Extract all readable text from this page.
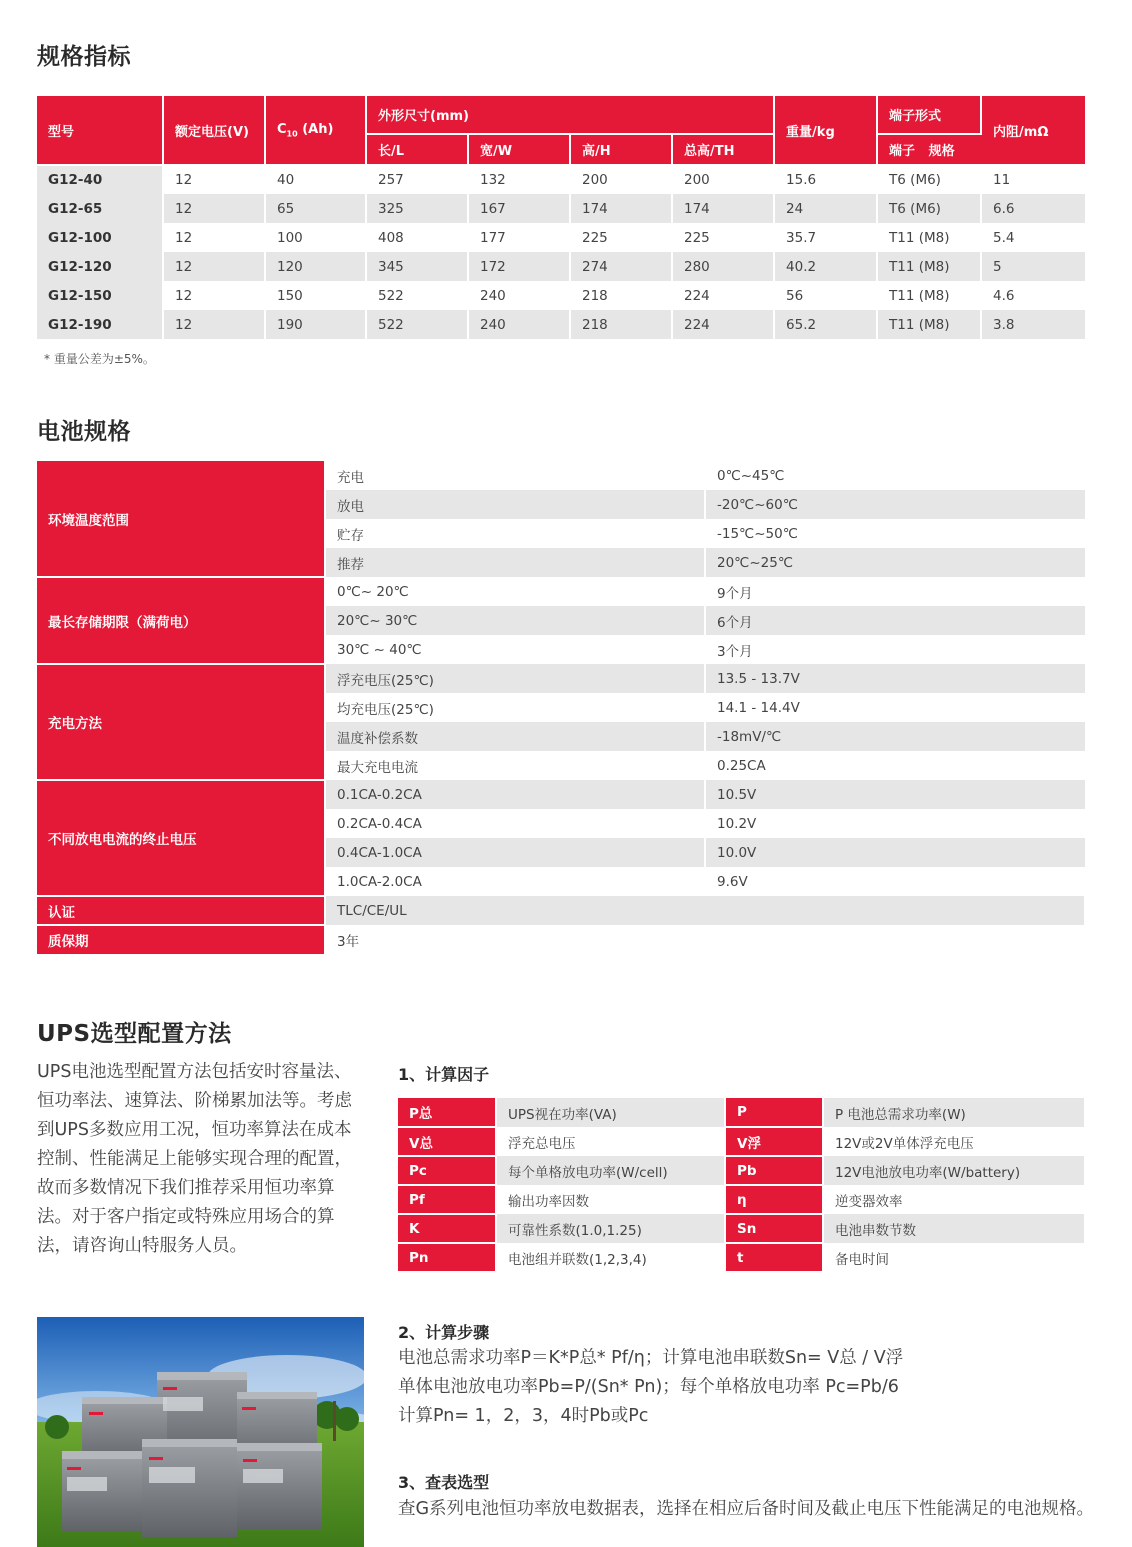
规格指标
型号	额定电压(V)	$C_{10}$ (Ah)	外形尺寸(mm)				重量/kg	端子形式	内阻/mΩ
			长/L	宽/W	高/H	总高/TH		端子   规格	
G12-40	12	40	257	132	200	200	15.6	T6 (M6)	11
G12-65	12	65	325	167	174	174	24	T6 (M6)	6.6
G12-100	12	100	408	177	225	225	35.7	T11 (M8)	5.4
G12-120	12	120	345	172	274	280	40.2	T11 (M8)	5
G12-150	12	150	522	240	218	224	56	T11 (M8)	4.6
G12-190	12	190	522	240	218	224	65.2	T11 (M8)	3.8
* 重量公差为±5%。
电池规格
环境温度范围	充电	0℃~45℃
	放电	-20℃~60℃
	贮存	-15℃~50℃
	推荐	20℃~25℃
最长存储期限（满荷电）	0℃~ 20℃	9个月
	20℃~ 30℃	6个月
	30℃ ~ 40℃	3个月
充电方法	浮充电压(25℃)	13.5 - 13.7V
	均充电压(25℃)	14.1 - 14.4V
	温度补偿系数	-18mV/℃
	最大充电电流	0.25CA
不同放电电流的终止电压	0.1CA-0.2CA	10.5V
	0.2CA-0.4CA	10.2V
	0.4CA-1.0CA	10.0V
	1.0CA-2.0CA	9.6V
认证	TLC/CE/UL	
质保期	3年	
UPS选型配置方法
UPS电池选型配置方法包括安时容量法、恒功率法、速算法、阶梯累加法等。考虑到UPS多数应用工况，恒功率算法在成本控制、性能满足上能够实现合理的配置，故而多数情况下我们推荐采用恒功率算法。对于客户指定或特殊应用场合的算法，请咨询山特服务人员。
1、计算因子
P总	UPS视在功率(VA)	P	P 电池总需求功率(W)
V总	浮充总电压	V浮	12V或2V单体浮充电压
Pc	每个单格放电功率(W/cell)	Pb	12V电池放电功率(W/battery)
Pf	输出功率因数	η	逆变器效率
K	可靠性系数(1.0,1.25)	Sn	电池串数节数
Pn	电池组并联数(1,2,3,4)	t	备电时间
2、计算步骤
电池总需求功率P＝K*P总* Pf/η；计算电池串联数Sn= V总 / V浮
单体电池放电功率Pb=P/(Sn* Pn)；每个单格放电功率 Pc=Pb/6
计算Pn= 1，2，3，4时Pb或Pc
3、查表选型
查G系列电池恒功率放电数据表，选择在相应后备时间及截止电压下性能满足的电池规格。
